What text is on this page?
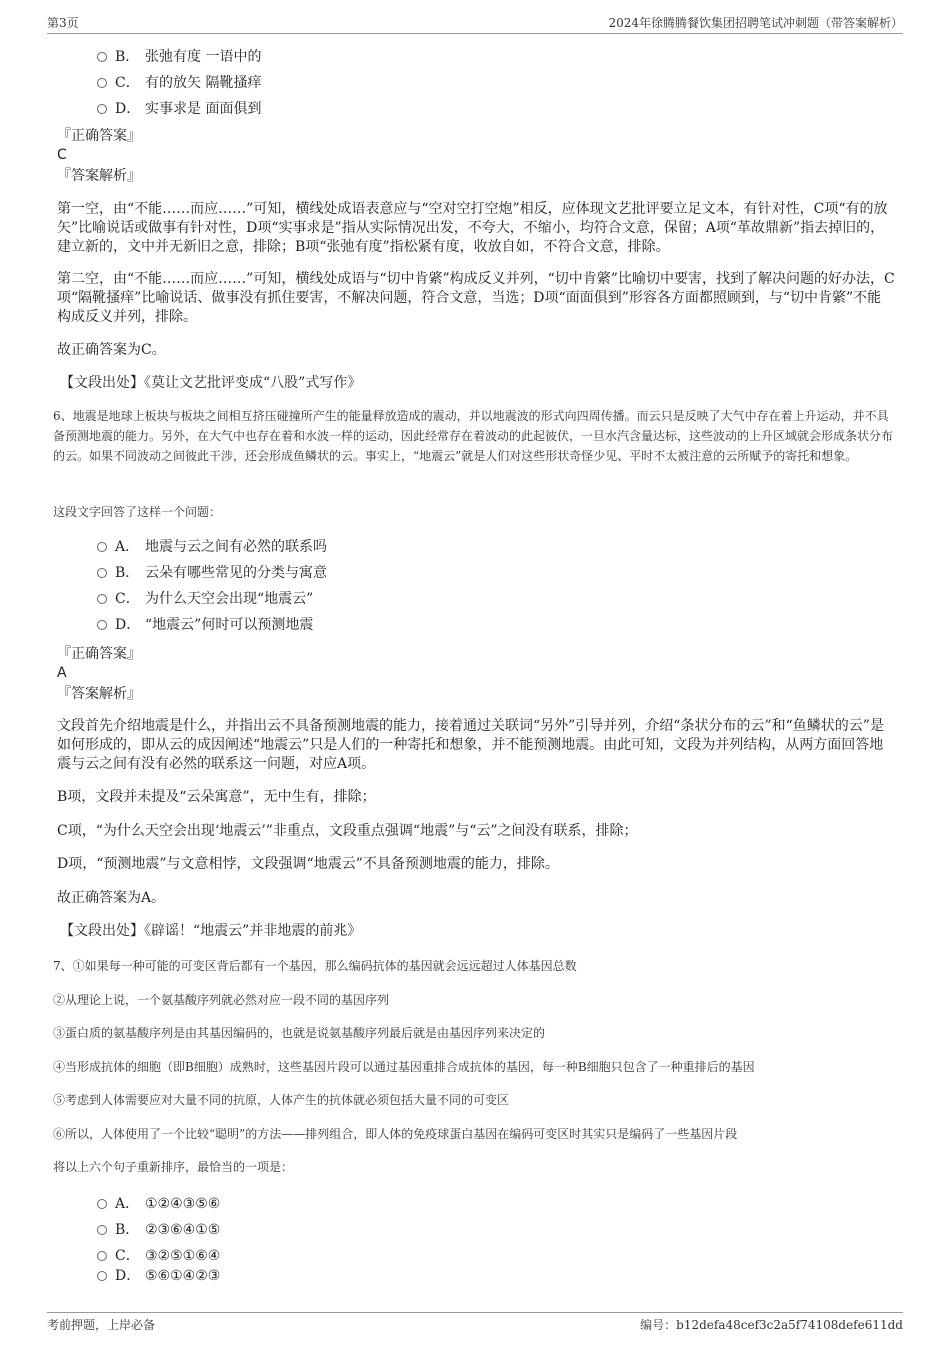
第3页	2024年徐腾腾餐饮集团招聘笔试冲刺题（带答案解析）
B． 张弛有度 一语中的
C． 有的放矢 隔靴搔痒
D． 实事求是 面面俱到
『正确答案』
C
『答案解析』
第一空，由“不能……而应……”可知，横线处成语表意应与“空对空打空炮”相反，应体现文艺批评要立足文本，有针对性，C项“有的放矢”比喻说话或做事有针对性，D项“实事求是”指从实际情况出发，不夸大，不缩小，均符合文意，保留；A项“革故鼎新”指去掉旧的，建立新的，文中并无新旧之意，排除；B项“张弛有度”指松紧有度，收放自如，不符合文意，排除。
第二空，由“不能……而应……”可知，横线处成语与“切中肯綮”构成反义并列，“切中肯綮”比喻切中要害，找到了解决问题的好办法，C项“隔靴搔痒”比喻说话、做事没有抓住要害，不解决问题，符合文意，当选；D项“面面俱到”形容各方面都照顾到，与“切中肯綮”不能构成反义并列，排除。
故正确答案为C。
【文段出处】《莫让文艺批评变成“八股”式写作》
6、地震是地球上板块与板块之间相互挤压碰撞所产生的能量释放造成的震动，并以地震波的形式向四周传播。而云只是反映了大气中存在着上升运动，并不具备预测地震的能力。另外，在大气中也存在着和水波一样的运动，因此经常存在着波动的此起彼伏，一旦水汽含量达标，这些波动的上升区域就会形成条状分布的云。如果不同波动之间彼此干涉，还会形成鱼鳞状的云。事实上，“地震云”就是人们对这些形状奇怪少见、平时不太被注意的云所赋予的寄托和想象。
这段文字回答了这样一个问题：
A． 地震与云之间有必然的联系吗
B． 云朵有哪些常见的分类与寓意
C． 为什么天空会出现“地震云”
D． “地震云”何时可以预测地震
『正确答案』
A
『答案解析』
文段首先介绍地震是什么，并指出云不具备预测地震的能力，接着通过关联词“另外”引导并列，介绍“条状分布的云”和“鱼鳞状的云”是如何形成的，即从云的成因阐述“地震云”只是人们的一种寄托和想象，并不能预测地震。由此可知，文段为并列结构，从两方面回答地震与云之间有没有必然的联系这一问题，对应A项。
B项，文段并未提及“云朵寓意”，无中生有，排除；
C项，“为什么天空会出现‘地震云’”非重点，文段重点强调“地震”与“云”之间没有联系，排除；
D项，“预测地震”与文意相悖，文段强调“地震云”不具备预测地震的能力，排除。
故正确答案为A。
【文段出处】《辟谣！“地震云”并非地震的前兆》
7、①如果每一种可能的可变区背后都有一个基因，那么编码抗体的基因就会远远超过人体基因总数
②从理论上说，一个氨基酸序列就必然对应一段不同的基因序列
③蛋白质的氨基酸序列是由其基因编码的，也就是说氨基酸序列最后就是由基因序列来决定的
④当形成抗体的细胞（即B细胞）成熟时，这些基因片段可以通过基因重排合成抗体的基因，每一种B细胞只包含了一种重排后的基因
⑤考虑到人体需要应对大量不同的抗原，人体产生的抗体就必须包括大量不同的可变区
⑥所以，人体使用了一个比较“聪明”的方法——排列组合，即人体的免疫球蛋白基因在编码可变区时其实只是编码了一些基因片段
将以上六个句子重新排序，最恰当的一项是：
A． ①②④③⑤⑥
B． ②③⑥④①⑤
C． ③②⑤①⑥④
D． ⑤⑥①④②③
考前押题，上岸必备	编号：b12defa48cef3c2a5f74108defe611dd
